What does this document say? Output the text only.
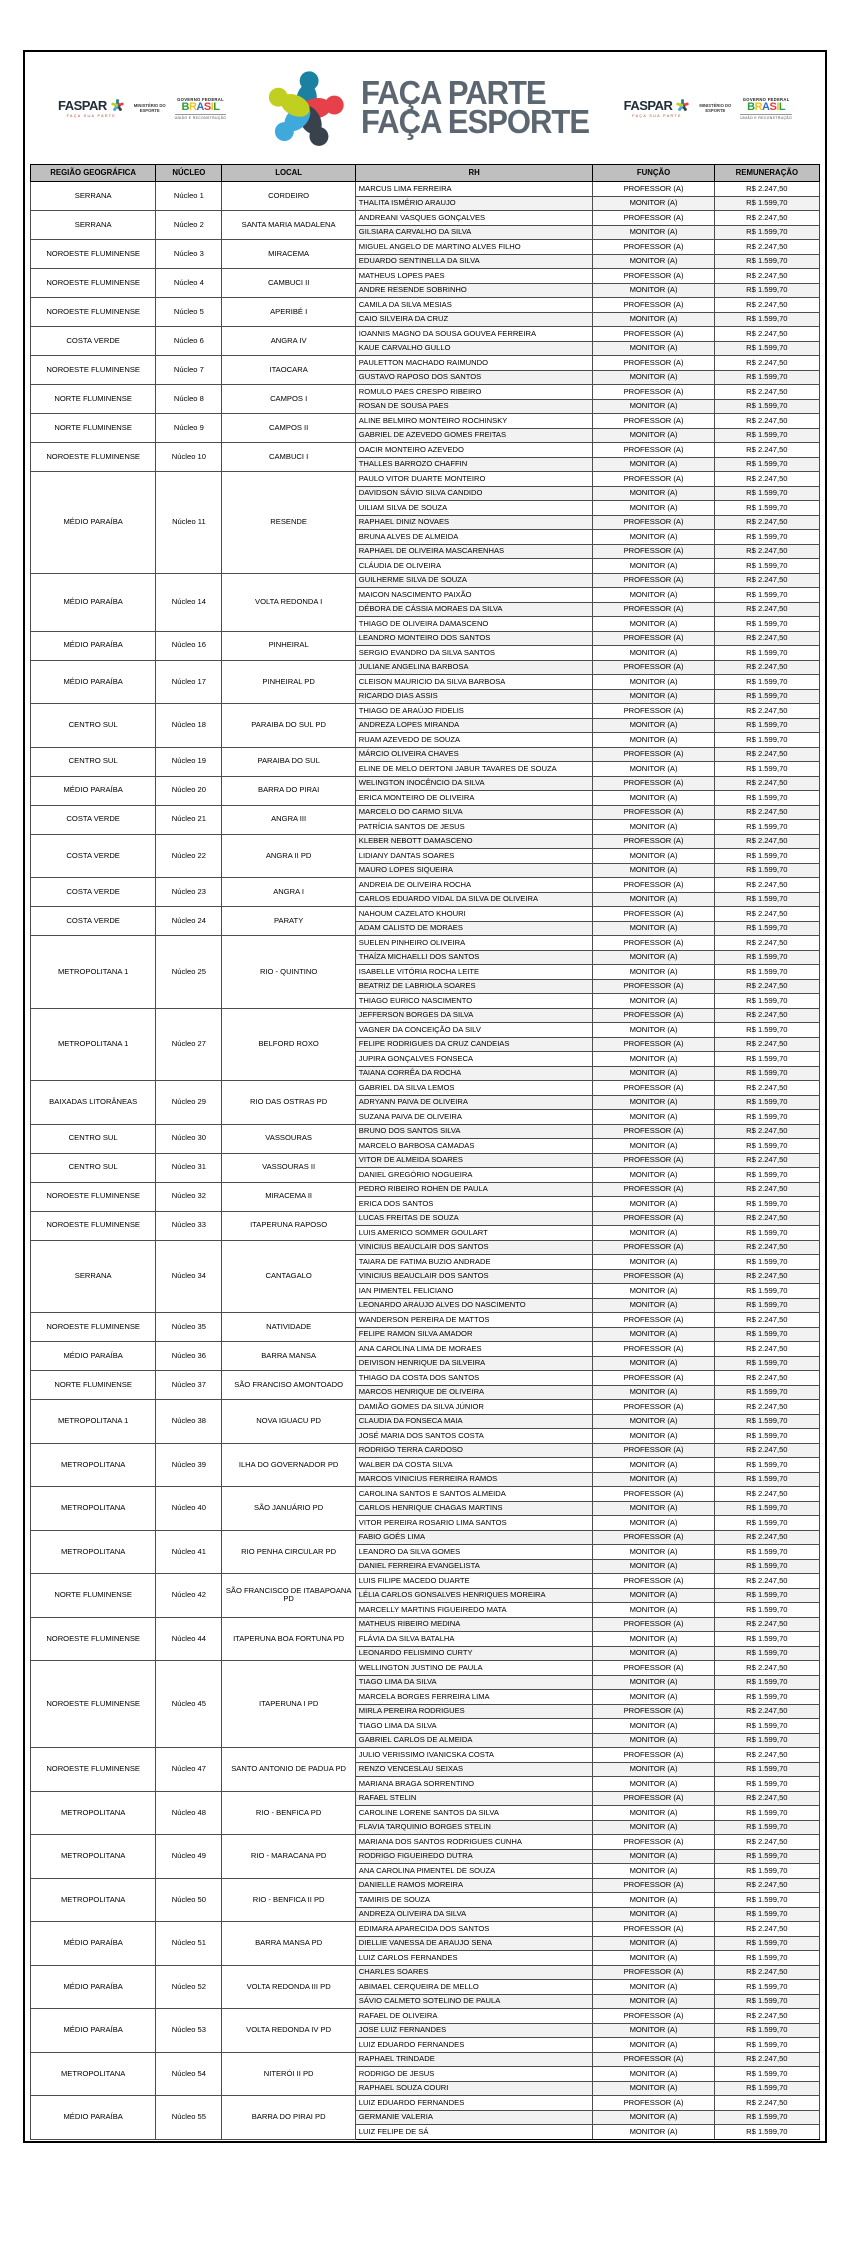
FASPAR
FAÇA SUA PARTE
MINISTÉRIO DO
ESPORTE
GOVERNO FEDERAL
BRASIL
UNIÃO E RECONSTRUÇÃO
FAÇA PARTE
FAÇA ESPORTE	FASPAR
FAÇA SUA PARTE
MINISTÉRIO DO
ESPORTE
GOVERNO FEDERAL
BRASIL
UNIÃO E RECONSTRUÇÃO
REGIÃO GEOGRÁFICA	NÚCLEO	LOCAL	RH	FUNÇÃO	REMUNERAÇÃO
SERRANA	Núcleo 1	CORDEIRO	MARCUS LIMA FERREIRA	PROFESSOR (A)	R$ 2.247,50
			THALITA ISMÉRIO ARAUJO	MONITOR (A)	R$ 1.599,70
SERRANA	Núcleo 2	SANTA MARIA MADALENA	ANDREANI VASQUES GONÇALVES	PROFESSOR (A)	R$ 2.247,50
			GILSIARA CARVALHO DA SILVA	MONITOR (A)	R$ 1.599,70
NOROESTE FLUMINENSE	Núcleo 3	MIRACEMA	MIGUEL ANGELO DE MARTINO ALVES FILHO	PROFESSOR (A)	R$ 2.247,50
			EDUARDO SENTINELLA DA SILVA	MONITOR (A)	R$ 1.599,70
NOROESTE FLUMINENSE	Núcleo 4	CAMBUCI II	MATHEUS LOPES PAES	PROFESSOR (A)	R$ 2.247,50
			ANDRE RESENDE SOBRINHO	MONITOR (A)	R$ 1.599,70
NOROESTE FLUMINENSE	Núcleo 5	APERIBÉ I	CAMILA DA SILVA MESIAS	PROFESSOR (A)	R$ 2.247,50
			CAIO SILVEIRA DA CRUZ	MONITOR (A)	R$ 1.599,70
COSTA VERDE	Núcleo 6	ANGRA IV	IOANNIS MAGNO DA SOUSA GOUVEA FERREIRA	PROFESSOR (A)	R$ 2.247,50
			KAUE CARVALHO GULLO	MONITOR (A)	R$ 1.599,70
NOROESTE FLUMINENSE	Núcleo 7	ITAOCARA	PAULETTON MACHADO RAIMUNDO	PROFESSOR (A)	R$ 2.247,50
			GUSTAVO RAPOSO DOS SANTOS	MONITOR (A)	R$ 1.599,70
NORTE FLUMINENSE	Núcleo 8	CAMPOS I	ROMULO PAES CRESPO RIBEIRO	PROFESSOR (A)	R$ 2.247,50
			ROSAN DE SOUSA PAES	MONITOR (A)	R$ 1.599,70
NORTE FLUMINENSE	Núcleo 9	CAMPOS II	ALINE BELMIRO MONTEIRO ROCHINSKY	PROFESSOR (A)	R$ 2.247,50
			GABRIEL DE AZEVEDO GOMES FREITAS	MONITOR (A)	R$ 1.599,70
NOROESTE FLUMINENSE	Núcleo 10	CAMBUCI I	OACIR MONTEIRO AZEVEDO	PROFESSOR (A)	R$ 2.247,50
			THALLES BARROZO CHAFFIN	MONITOR (A)	R$ 1.599,70
MÉDIO PARAÍBA	Núcleo 11	RESENDE	PAULO VITOR DUARTE MONTEIRO	PROFESSOR (A)	R$ 2.247,50
			DAVIDSON SÁVIO SILVA CANDIDO	MONITOR (A)	R$ 1.599,70
			UILIAM SILVA DE SOUZA	MONITOR (A)	R$ 1.599,70
			RAPHAEL DINIZ NOVAES	PROFESSOR (A)	R$ 2.247,50
			BRUNA ALVES DE ALMEIDA	MONITOR (A)	R$ 1.599,70
			RAPHAEL DE OLIVEIRA MASCARENHAS	PROFESSOR (A)	R$ 2.247,50
			CLÁUDIA DE OLIVEIRA	MONITOR (A)	R$ 1.599,70
MÉDIO PARAÍBA	Núcleo 14	VOLTA REDONDA I	GUILHERME SILVA DE SOUZA	PROFESSOR (A)	R$ 2.247,50
			MAICON NASCIMENTO PAIXÃO	MONITOR (A)	R$ 1.599,70
			DÉBORA DE CÁSSIA MORAES DA SILVA	PROFESSOR (A)	R$ 2.247,50
			THIAGO DE OLIVEIRA DAMASCENO	MONITOR (A)	R$ 1.599,70
MÉDIO PARAÍBA	Núcleo 16	PINHEIRAL	LEANDRO MONTEIRO DOS SANTOS	PROFESSOR (A)	R$ 2.247,50
			SERGIO EVANDRO DA SILVA SANTOS	MONITOR (A)	R$ 1.599,70
MÉDIO PARAÍBA	Núcleo 17	PINHEIRAL PD	JULIANE ANGELINA BARBOSA	PROFESSOR (A)	R$ 2.247,50
			CLEISON MAURICIO DA SILVA BARBOSA	MONITOR (A)	R$ 1.599,70
			RICARDO DIAS ASSIS	MONITOR (A)	R$ 1.599,70
CENTRO SUL	Núcleo 18	PARAIBA DO SUL PD	THIAGO DE ARAÚJO FIDELIS	PROFESSOR (A)	R$ 2.247,50
			ANDREZA LOPES MIRANDA	MONITOR (A)	R$ 1.599,70
			RUAM AZEVEDO DE SOUZA	MONITOR (A)	R$ 1.599,70
CENTRO SUL	Núcleo 19	PARAIBA DO SUL	MÁRCIO OLIVEIRA CHAVES	PROFESSOR (A)	R$ 2.247,50
			ELINE DE MELO DERTONI JABUR TAVARES DE SOUZA	MONITOR (A)	R$ 1.599,70
MÉDIO PARAÍBA	Núcleo 20	BARRA DO PIRAI	WELINGTON INOCÊNCIO DA SILVA	PROFESSOR (A)	R$ 2.247,50
			ERICA MONTEIRO DE OLIVEIRA	MONITOR (A)	R$ 1.599,70
COSTA VERDE	Núcleo 21	ANGRA III	MARCELO DO CARMO SILVA	PROFESSOR (A)	R$ 2.247,50
			PATRÍCIA SANTOS DE JESUS	MONITOR (A)	R$ 1.599,70
COSTA VERDE	Núcleo 22	ANGRA II PD	KLEBER NEBOTT DAMASCENO	PROFESSOR (A)	R$ 2.247,50
			LIDIANY DANTAS SOARES	MONITOR (A)	R$ 1.599,70
			MAURO LOPES SIQUEIRA	MONITOR (A)	R$ 1.599,70
COSTA VERDE	Núcleo 23	ANGRA I	ANDREIA DE OLIVEIRA ROCHA	PROFESSOR (A)	R$ 2.247,50
			CARLOS EDUARDO VIDAL DA SILVA DE OLIVEIRA	MONITOR (A)	R$ 1.599,70
COSTA VERDE	Núcleo 24	PARATY	NAHOUM CAZELATO KHOURI	PROFESSOR (A)	R$ 2.247,50
			ADAM CALISTO DE MORAES	MONITOR (A)	R$ 1.599,70
METROPOLITANA 1	Núcleo 25	RIO - QUINTINO	SUELEN PINHEIRO OLIVEIRA	PROFESSOR (A)	R$ 2.247,50
			THAÍZA MICHAELLI DOS SANTOS	MONITOR (A)	R$ 1.599,70
			ISABELLE VITÓRIA ROCHA LEITE	MONITOR (A)	R$ 1.599,70
			BEATRIZ DE LABRIOLA SOARES	PROFESSOR (A)	R$ 2.247,50
			THIAGO EURICO NASCIMENTO	MONITOR (A)	R$ 1.599,70
METROPOLITANA 1	Núcleo 27	BELFORD ROXO	JEFFERSON BORGES DA SILVA	PROFESSOR (A)	R$ 2.247,50
			VAGNER DA CONCEIÇÃO DA SILV	MONITOR (A)	R$ 1.599,70
			FELIPE RODRIGUES DA CRUZ CANDEIAS	PROFESSOR (A)	R$ 2.247,50
			JUPIRA GONÇALVES FONSECA	MONITOR (A)	R$ 1.599,70
			TAIANA CORRÊA DA ROCHA	MONITOR (A)	R$ 1.599,70
BAIXADAS LITORÂNEAS	Núcleo 29	RIO DAS OSTRAS PD	GABRIEL DA SILVA LEMOS	PROFESSOR (A)	R$ 2.247,50
			ADRYANN PAIVA DE OLIVEIRA	MONITOR (A)	R$ 1.599,70
			SUZANA PAIVA DE OLIVEIRA	MONITOR (A)	R$ 1.599,70
CENTRO SUL	Núcleo 30	VASSOURAS	BRUNO DOS SANTOS SILVA	PROFESSOR (A)	R$ 2.247,50
			MARCELO BARBOSA CAMADAS	MONITOR (A)	R$ 1.599,70
CENTRO SUL	Núcleo 31	VASSOURAS II	VITOR DE ALMEIDA SOARES	PROFESSOR (A)	R$ 2.247,50
			DANIEL GREGÓRIO NOGUEIRA	MONITOR (A)	R$ 1.599,70
NOROESTE FLUMINENSE	Núcleo 32	MIRACEMA II	PEDRO RIBEIRO ROHEN DE PAULA	PROFESSOR (A)	R$ 2.247,50
			ERICA DOS SANTOS	MONITOR (A)	R$ 1.599,70
NOROESTE FLUMINENSE	Núcleo 33	ITAPERUNA RAPOSO	LUCAS FREITAS DE SOUZA	PROFESSOR (A)	R$ 2.247,50
			LUIS AMERICO SOMMER GOULART	MONITOR (A)	R$ 1.599,70
SERRANA	Núcleo 34	CANTAGALO	VINICIUS BEAUCLAIR DOS SANTOS	PROFESSOR (A)	R$ 2.247,50
			TAIARA DE FATIMA BUZIO ANDRADE	MONITOR (A)	R$ 1.599,70
			VINICIUS BEAUCLAIR DOS SANTOS	PROFESSOR (A)	R$ 2.247,50
			IAN PIMENTEL FELICIANO	MONITOR (A)	R$ 1.599,70
			LEONARDO ARAUJO ALVES DO NASCIMENTO	MONITOR (A)	R$ 1.599,70
NOROESTE FLUMINENSE	Núcleo 35	NATIVIDADE	WANDERSON PEREIRA DE MATTOS	PROFESSOR (A)	R$ 2.247,50
			FELIPE RAMON SILVA AMADOR	MONITOR (A)	R$ 1.599,70
MÉDIO PARAÍBA	Núcleo 36	BARRA MANSA	ANA CAROLINA LIMA DE MORAES	PROFESSOR (A)	R$ 2.247,50
			DEIVISON HENRIQUE DA SILVEIRA	MONITOR (A)	R$ 1.599,70
NORTE FLUMINENSE	Núcleo 37	SÃO FRANCISO AMONTOADO	THIAGO DA COSTA DOS SANTOS	PROFESSOR (A)	R$ 2.247,50
			MARCOS HENRIQUE DE OLIVEIRA	MONITOR (A)	R$ 1.599,70
METROPOLITANA 1	Núcleo 38	NOVA IGUACU PD	DAMIÃO GOMES DA SILVA JÚNIOR	PROFESSOR (A)	R$ 2.247,50
			CLAUDIA DA FONSECA MAIA	MONITOR (A)	R$ 1.599,70
			JOSÉ MARIA DOS SANTOS COSTA	MONITOR (A)	R$ 1.599,70
METROPOLITANA	Núcleo 39	ILHA DO GOVERNADOR PD	RODRIGO TERRA CARDOSO	PROFESSOR (A)	R$ 2.247,50
			WALBER DA COSTA SILVA	MONITOR (A)	R$ 1.599,70
			MARCOS VINICIUS FERREIRA RAMOS	MONITOR (A)	R$ 1.599,70
METROPOLITANA	Núcleo 40	SÃO JANUÁRIO PD	CAROLINA SANTOS E SANTOS ALMEIDA	PROFESSOR (A)	R$ 2.247,50
			CARLOS HENRIQUE CHAGAS MARTINS	MONITOR (A)	R$ 1.599,70
			VITOR PEREIRA ROSARIO LIMA SANTOS	MONITOR (A)	R$ 1.599,70
METROPOLITANA	Núcleo 41	RIO PENHA CIRCULAR PD	FABIO GOÉS LIMA	PROFESSOR (A)	R$ 2.247,50
			LEANDRO DA SILVA GOMES	MONITOR (A)	R$ 1.599,70
			DANIEL FERREIRA EVANGELISTA	MONITOR (A)	R$ 1.599,70
NORTE FLUMINENSE	Núcleo 42	SÃO FRANCISCO DE ITABAPOANA PD	LUIS FILIPE MACEDO DUARTE	PROFESSOR (A)	R$ 2.247,50
			LÉLIA CARLOS GONSALVES HENRIQUES MOREIRA	MONITOR (A)	R$ 1.599,70
			MARCELLY MARTINS FIGUEIREDO MATA	MONITOR (A)	R$ 1.599,70
NOROESTE FLUMINENSE	Núcleo 44	ITAPERUNA BOA FORTUNA PD	MATHEUS RIBEIRO MEDINA	PROFESSOR (A)	R$ 2.247,50
			FLÁVIA DA SILVA BATALHA	MONITOR (A)	R$ 1.599,70
			LEONARDO FELISMINO CURTY	MONITOR (A)	R$ 1.599,70
NOROESTE FLUMINENSE	Núcleo 45	ITAPERUNA I PD	WELLINGTON JUSTINO DE PAULA	PROFESSOR (A)	R$ 2.247,50
			TIAGO LIMA DA SILVA	MONITOR (A)	R$ 1.599,70
			MARCELA BORGES FERREIRA LIMA	MONITOR (A)	R$ 1.599,70
			MIRLA PEREIRA RODRIGUES	PROFESSOR (A)	R$ 2.247,50
			TIAGO LIMA DA SILVA	MONITOR (A)	R$ 1.599,70
			GABRIEL CARLOS DE ALMEIDA	MONITOR (A)	R$ 1.599,70
NOROESTE FLUMINENSE	Núcleo 47	SANTO ANTONIO DE PADUA PD	JULIO VERISSIMO IVANICSKA COSTA	PROFESSOR (A)	R$ 2.247,50
			RENZO VENCESLAU SEIXAS	MONITOR (A)	R$ 1.599,70
			MARIANA BRAGA SORRENTINO	MONITOR (A)	R$ 1.599,70
METROPOLITANA	Núcleo 48	RIO - BENFICA PD	RAFAEL STELIN	PROFESSOR (A)	R$ 2.247,50
			CAROLINE LORENE SANTOS DA SILVA	MONITOR (A)	R$ 1.599,70
			FLAVIA TARQUINIO BORGES STELIN	MONITOR (A)	R$ 1.599,70
METROPOLITANA	Núcleo 49	RIO - MARACANA PD	MARIANA DOS SANTOS RODRIGUES CUNHA	PROFESSOR (A)	R$ 2.247,50
			RODRIGO FIGUEIREDO DUTRA	MONITOR (A)	R$ 1.599,70
			ANA CAROLINA PIMENTEL DE SOUZA	MONITOR (A)	R$ 1.599,70
METROPOLITANA	Núcleo 50	RIO - BENFICA II PD	DANIELLE RAMOS MOREIRA	PROFESSOR (A)	R$ 2.247,50
			TAMIRIS DE SOUZA	MONITOR (A)	R$ 1.599,70
			ANDREZA OLIVEIRA DA SILVA	MONITOR (A)	R$ 1.599,70
MÉDIO PARAÍBA	Núcleo 51	BARRA MANSA PD	EDIMARA APARECIDA DOS SANTOS	PROFESSOR (A)	R$ 2.247,50
			DIELLIE VANESSA DE ARAUJO SENA	MONITOR (A)	R$ 1.599,70
			LUIZ CARLOS FERNANDES	MONITOR (A)	R$ 1.599,70
MÉDIO PARAÍBA	Núcleo 52	VOLTA REDONDA III PD	CHARLES SOARES	PROFESSOR (A)	R$ 2.247,50
			ABIMAEL CERQUEIRA DE MELLO	MONITOR (A)	R$ 1.599,70
			SÁVIO CALMETO SOTELINO DE PAULA	MONITOR (A)	R$ 1.599,70
MÉDIO PARAÍBA	Núcleo 53	VOLTA REDONDA IV PD	RAFAEL DE OLIVEIRA	PROFESSOR (A)	R$ 2.247,50
			JOSE LUIZ FERNANDES	MONITOR (A)	R$ 1.599,70
			LUIZ EDUARDO FERNANDES	MONITOR (A)	R$ 1.599,70
METROPOLITANA	Núcleo 54	NITERÓI II PD	RAPHAEL TRINDADE	PROFESSOR (A)	R$ 2.247,50
			RODRIGO DE JESUS	MONITOR (A)	R$ 1.599,70
			RAPHAEL SOUZA COURI	MONITOR (A)	R$ 1.599,70
MÉDIO PARAÍBA	Núcleo 55	BARRA DO PIRAI PD	LUIZ EDUARDO FERNANDES	PROFESSOR (A)	R$ 2.247,50
			GERMANIE VALERIA	MONITOR (A)	R$ 1.599,70
			LUIZ FELIPE DE SÁ	MONITOR (A)	R$ 1.599,70
